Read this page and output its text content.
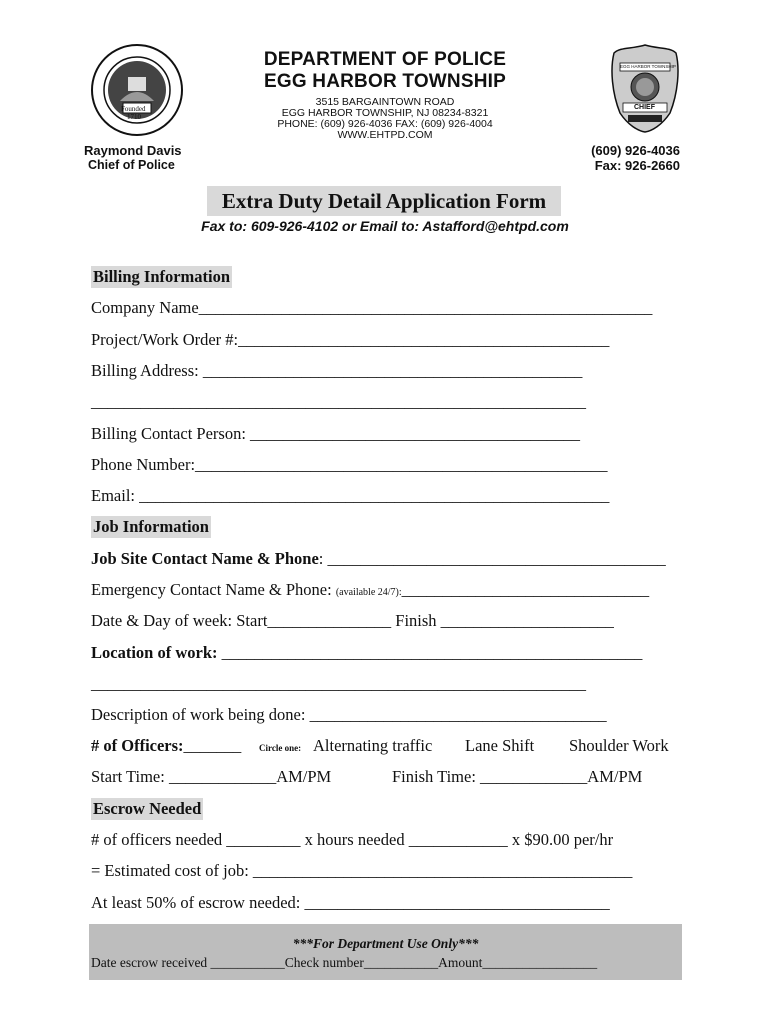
Founded
1710
EGG HARBOR TOWNSHIP
CHIEF
DEPARTMENT OF POLICE
EGG HARBOR TOWNSHIP
3515 BARGAINTOWN ROAD
EGG HARBOR TOWNSHIP, NJ 08234-8321
PHONE: (609) 926-4036 FAX: (609) 926-4004
WWW.EHTPD.COM
Raymond Davis
Chief of Police
(609) 926-4036
Fax: 926-2660
Extra Duty Detail Application Form
Fax to: 609-926-4102 or Email to: Astafford@ehtpd.com
Billing Information
Company Name_______________________________________________________
Project/Work Order #:_____________________________________________
Billing Address: ______________________________________________
____________________________________________________________
Billing Contact Person: ________________________________________
Phone Number:__________________________________________________
Email: _________________________________________________________
Job Information
Job Site Contact Name & Phone: _________________________________________
Emergency Contact Name & Phone: (available 24/7):______________________________
Date & Day of week: Start_______________ Finish _____________________
Location of work: ___________________________________________________
____________________________________________________________
Description of work being done: ____________________________________
# of Officers:_______ Circle one: Alternating traffic Lane Shift Shoulder Work
Start Time: _____________AM/PM	Finish Time: _____________AM/PM
Escrow Needed
# of officers needed _________ x hours needed ____________ x $90.00 per/hr
= Estimated cost of job: ______________________________________________
At least 50% of escrow needed: _____________________________________
***For Department Use Only***
Date escrow received ___________Check number___________Amount_________________
